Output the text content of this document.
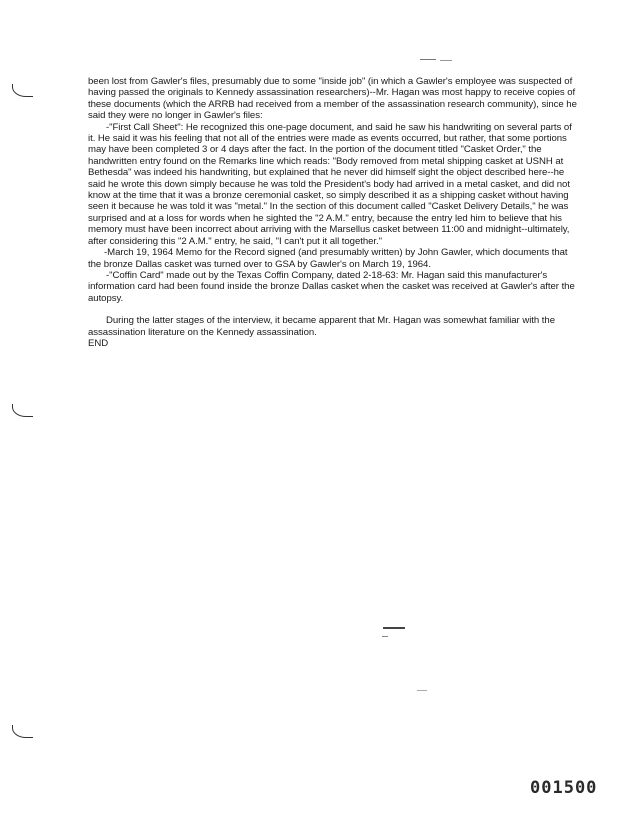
been lost from Gawler's files, presumably due to some "inside job" (in which a Gawler's employee was suspected of having passed the originals to Kennedy assassination researchers)--Mr. Hagan was most happy to receive copies of these documents (which the ARRB had received from a member of the assassination research community), since he said they were no longer in Gawler's files:

-"First Call Sheet": He recognized this one-page document, and said he saw his handwriting on several parts of it. He said it was his feeling that not all of the entries were made as events occurred, but rather, that some portions may have been completed 3 or 4 days after the fact. In the portion of the document titled "Casket Order," the handwritten entry found on the Remarks line which reads: "Body removed from metal shipping casket at USNH at Bethesda" was indeed his handwriting, but explained that he never did himself sight the object described here--he said he wrote this down simply because he was told the President's body had arrived in a metal casket, and did not know at the time that it was a bronze ceremonial casket, so simply described it as a shipping casket without having seen it because he was told it was "metal." In the section of this document called "Casket Delivery Details," he was surprised and at a loss for words when he sighted the "2 A.M." entry, because the entry led him to believe that his memory must have been incorrect about arriving with the Marsellus casket between 11:00 and midnight--ultimately, after considering this "2 A.M." entry, he said, "I can't put it all together."

-March 19, 1964 Memo for the Record signed (and presumably written) by John Gawler, which documents that the bronze Dallas casket was turned over to GSA by Gawler's on March 19, 1964.

-"Coffin Card" made out by the Texas Coffin Company, dated 2-18-63: Mr. Hagan said this manufacturer's information card had been found inside the bronze Dallas casket when the casket was received at Gawler's after the autopsy.

During the latter stages of the interview, it became apparent that Mr. Hagan was somewhat familiar with the assassination literature on the Kennedy assassination.

END

001500
